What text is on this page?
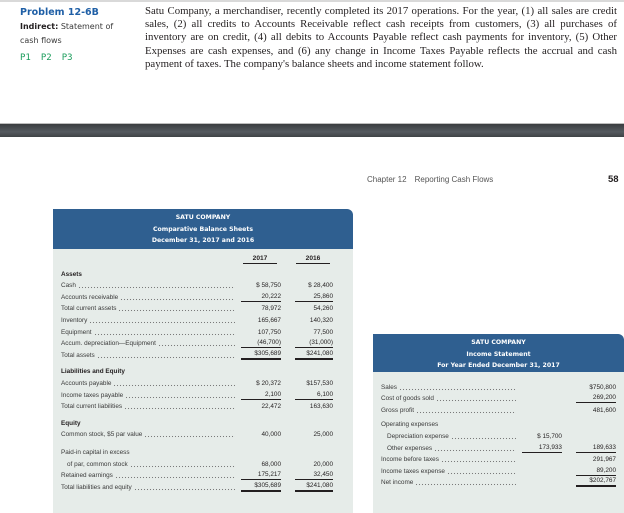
Problem 12-6B
Indirect: Statement of
cash flows
P1 P2 P3
Satu Company, a merchandiser, recently completed its 2017 operations. For the year, (1) all sales are credit sales, (2) all credits to Accounts Receivable reflect cash receipts from customers, (3) all purchases of inventory are on credit, (4) all debits to Accounts Payable reflect cash payments for inventory, (5) Other Expenses are cash expenses, and (6) any change in Income Taxes Payable reflects the accrual and cash payment of taxes. The company's balance sheets and income statement follow.
Chapter 12 Reporting Cash Flows	58
SATU COMPANY
Comparative Balance Sheets
December 31, 2017 and 2016
2017	2016
Assets
Cash	$ 58,750	$ 28,400
Accounts receivable	20,222	25,860
Total current assets	78,972	54,260
Inventory	165,667	140,320
Equipment	107,750	77,500
Accum. depreciation—Equipment	(46,700)	(31,000)
Total assets	$305,689	$241,080
Liabilities and Equity
Accounts payable	$ 20,372	$157,530
Income taxes payable	2,100	6,100
Total current liabilities	22,472	163,630
Equity
Common stock, $5 par value	40,000	25,000
Paid-in capital in excess
of par, common stock	68,000	20,000
Retained earnings	175,217	32,450
Total liabilities and equity	$305,689	$241,080
SATU COMPANY
Income Statement
For Year Ended December 31, 2017
Sales	$750,800
Cost of goods sold	269,200
Gross profit	481,600
Operating expenses
Depreciation expense	$ 15,700
Other expenses	173,933	189,633
Income before taxes	291,967
Income taxes expense	89,200
Net income	$202,767
